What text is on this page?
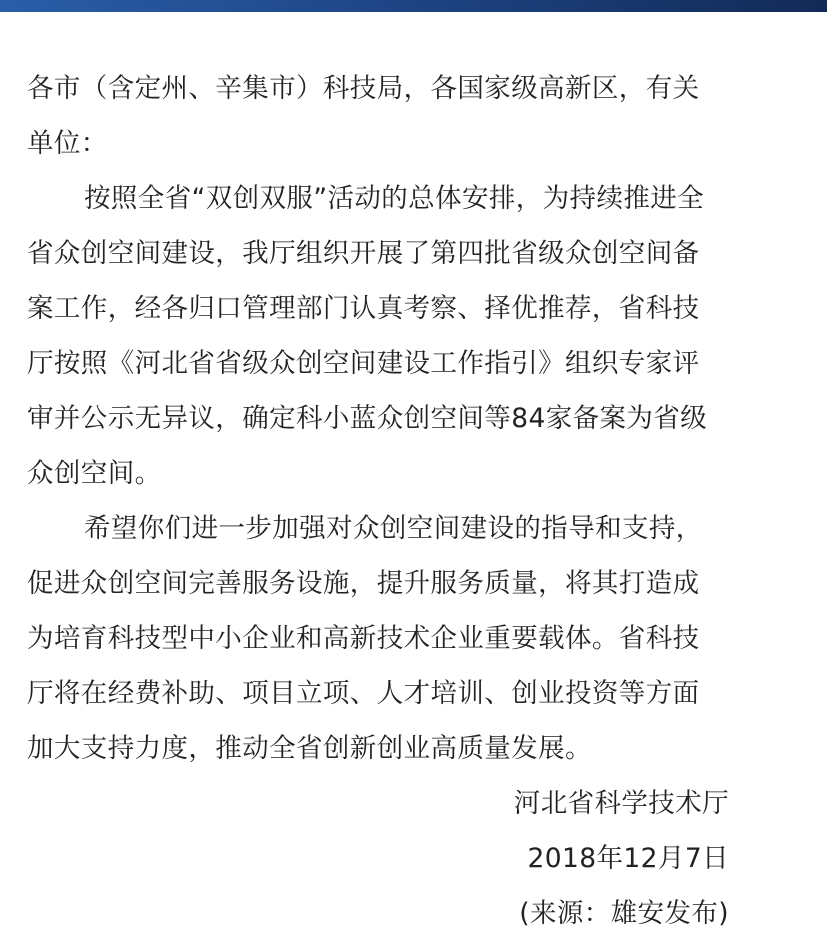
各市（含定州、辛集市）科技局，各国家级高新区，有关
单位：
按照全省“双创双服”活动的总体安排，为持续推进全
省众创空间建设，我厅组织开展了第四批省级众创空间备
案工作，经各归口管理部门认真考察、择优推荐，省科技
厅按照《河北省省级众创空间建设工作指引》组织专家评
审并公示无异议，确定科小蓝众创空间等84家备案为省级
众创空间。
希望你们进一步加强对众创空间建设的指导和支持，
促进众创空间完善服务设施，提升服务质量，将其打造成
为培育科技型中小企业和高新技术企业重要载体。省科技
厅将在经费补助、项目立项、人才培训、创业投资等方面
加大支持力度，推动全省创新创业高质量发展。
河北省科学技术厅
2018年12月7日
(来源：雄安发布)
